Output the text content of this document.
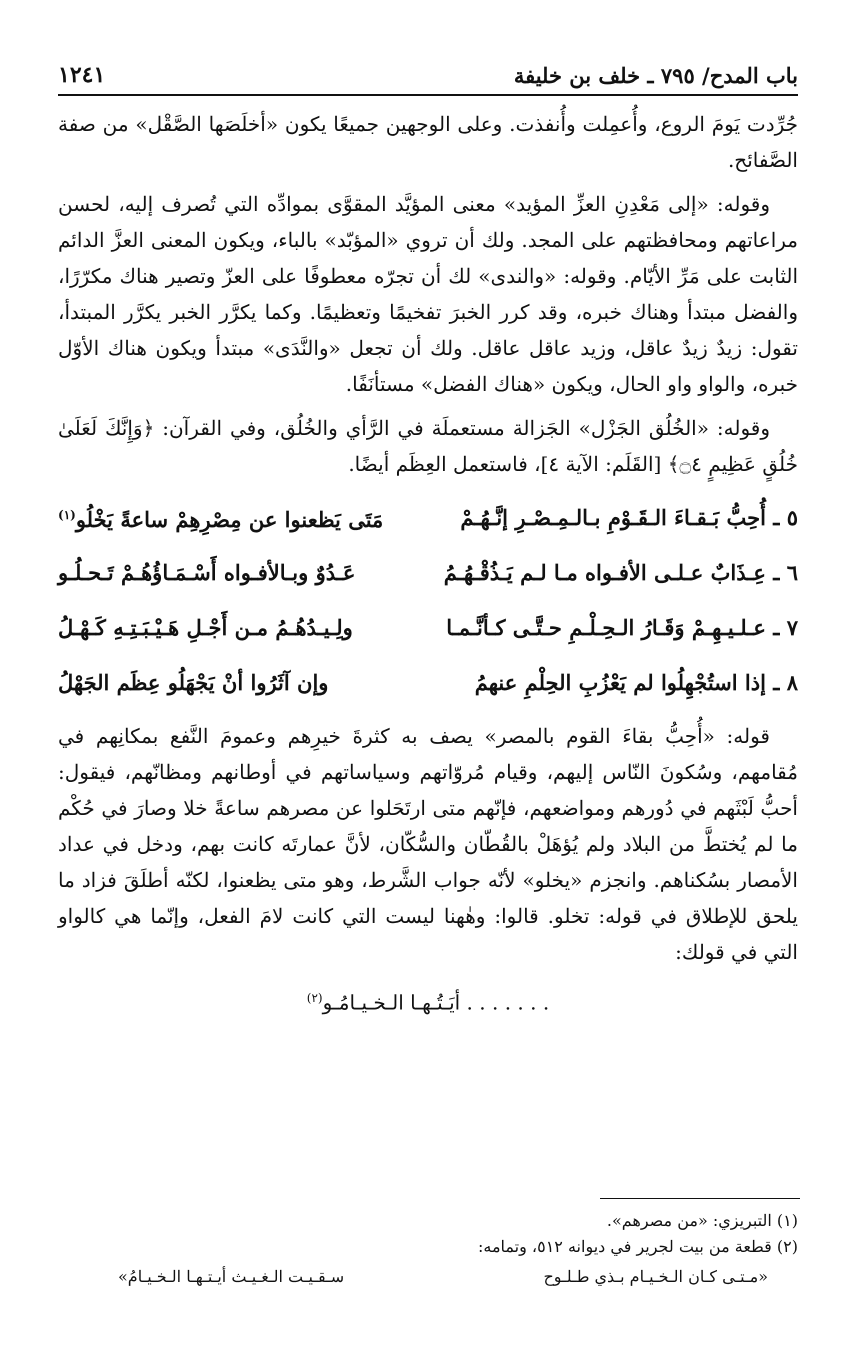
باب المدح/ ٧٩٥ ـ خلف بن خليفة
١٢٤١

جُرِّدت يَومَ الروع، وأُعمِلت وأُنفذت. وعلى الوجهين جميعًا يكون «أخلَصَها الصَّقْل» من صفة الصَّفائح.

وقوله: «إلى مَعْدِنِ العزِّ المؤيد» معنى المؤيَّد المقوَّى بموادِّه التي تُصرف إليه، لحسن مراعاتهم ومحافظتهم على المجد. ولك أن تروي «المؤبّد» بالباء، ويكون المعنى العزَّ الدائم الثابت على مَرِّ الأيّام. وقوله: «والندى» لك أن تجرّه معطوفًا على العزّ وتصير هناك مكرّرًا، والفضل مبتدأ وهناك خبره، وقد كرر الخبرَ تفخيمًا وتعظيمًا. وكما يكرَّر الخبر يكرَّر المبتدأ، تقول: زيدٌ زيدٌ عاقل، وزيد عاقل عاقل. ولك أن تجعل «والنَّدَى» مبتدأ ويكون هناك الأوّل خبره، والواو واو الحال، ويكون «هناك الفضل» مستأنَفًا.

وقوله: «الخُلُق الجَزْل» الجَزالة مستعملَة في الرَّأي والخُلُق، وفي القرآن: ﴿وَإِنَّكَ لَعَلَىٰ خُلُقٍ عَظِيمٍ ۝٤﴾ [القَلَم: الآية ٤]، فاستعمل العِظَم أيضًا.

٥ ـ أُحِبُّ بَـقـاءَ الـقَـوْمِ بـالـمِـصْـرِ إنَّـهُـمْ
مَتَى يَظعنوا عن مِصْرِهِمْ ساعةً يَخْلُو$^{(١)}$
٦ ـ عِـذَابٌ عـلـى الأفـواه مـا لـم يَـذُقْـهُـمُ
عَـدُوٌ وبـالأفـواه أَسْـمَـاؤُهُـمْ تَـحـلُـو
٧ ـ عـلـيـهِـمْ وَقَـارُ الـحِـلْـمِ حـتَّـى كـأنَّـمـا
ولِـيـدُهُـمُ مـن أَجْـلِ هَـيْـبَـتِـهِ كَـهْـلُ
٨ ـ إذا استُجْهِلُوا لم يَعْزُبِ الحِلْمِ عنهمُ
وإن آثَرُوا أنْ يَجْهَلُو عِظَم الجَهْلُ

قوله: «أُحِبُّ بقاءَ القوم بالمصر» يصف به كثرةَ خيرِهم وعمومَ النَّفع بمكانِهم في مُقامهم، وسُكونَ النّاس إليهم، وقيام مُروّاتهم وسياساتهم في أوطانهم ومظانّهم، فيقول: أحبُّ لَبْثَهم في دُورهم ومواضعهم، فإنّهم متى ارتَحَلوا عن مصرهم ساعةً خلا وصارَ في حُكْم ما لم يُختطَّ من البلاد ولم يُؤهَلْ بالقُطّان والسُّكّان، لأنَّ عمارتَه كانت بهم، ودخل في عداد الأمصار بسُكناهم. وانجزم «يخلو» لأنّه جواب الشَّرط، وهو متى يظعنوا، لكنّه أطلَقَ فزاد ما يلحق للإطلاق في قوله: تخلو. قالوا: وهٰهنا ليست التي كانت لامَ الفعل، وإنّما هي كالواو التي في قولك:

. . . . . . . أيَـتُـهـا الـخـيـامُـو$^{(٢)}$

(١) التبريزي: «من مصرهم».

(٢) قطعة من بيت لجرير في ديوانه ٥١٢، وتمامه:

«مـتـى كـان الـخـيـام بـذي طـلـوح
سـقـيـت الـغـيـث أيـتـهـا الـخـيـامُ»
